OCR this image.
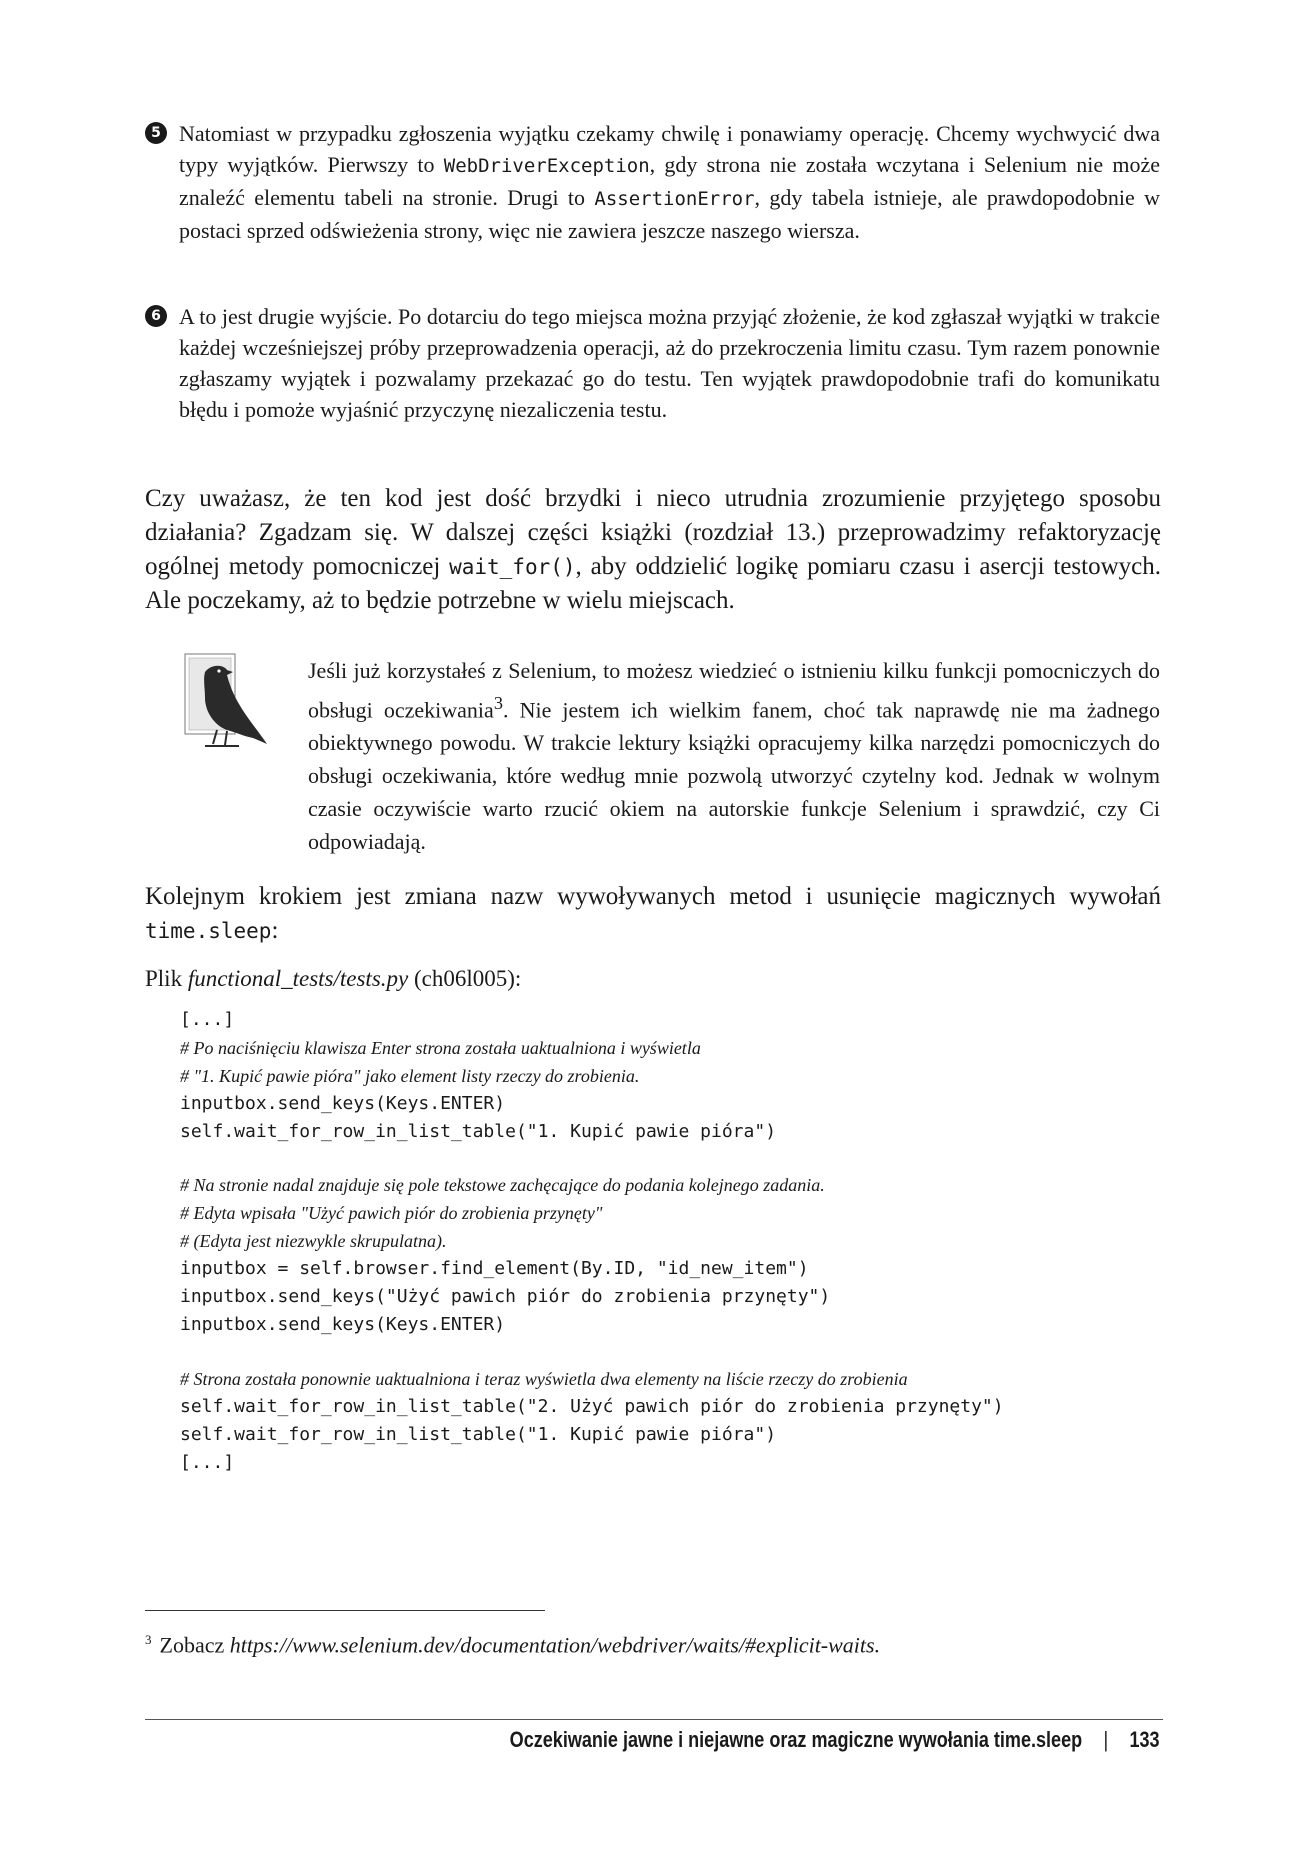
5 Natomiast w przypadku zgłoszenia wyjątku czekamy chwilę i ponawiamy operację. Chcemy wychwycić dwa typy wyjątków. Pierwszy to WebDriverException, gdy strona nie została wczytana i Selenium nie może znaleźć elementu tabeli na stronie. Drugi to AssertionError, gdy tabela istnieje, ale prawdopodobnie w postaci sprzed odświeżenia strony, więc nie zawiera jeszcze naszego wiersza.
6 A to jest drugie wyjście. Po dotarciu do tego miejsca można przyjąć złożenie, że kod zgłaszał wyjątki w trakcie każdej wcześniejszej próby przeprowadzenia operacji, aż do przekroczenia limitu czasu. Tym razem ponownie zgłaszamy wyjątek i pozwalamy przekazać go do testu. Ten wyjątek prawdopodobnie trafi do komunikatu błędu i pomoże wyjaśnić przyczynę niezaliczenia testu.

Czy uważasz, że ten kod jest dość brzydki i nieco utrudnia zrozumienie przyjętego sposobu działania? Zgadzam się. W dalszej części książki (rozdział 13.) przeprowadzimy refaktoryzację ogólnej metody pomocniczej wait_for(), aby oddzielić logikę pomiaru czasu i asercji testowych. Ale poczekamy, aż to będzie potrzebne w wielu miejscach.

Jeśli już korzystałeś z Selenium, to możesz wiedzieć o istnieniu kilku funkcji pomocniczych do obsługi oczekiwania$^3$. Nie jestem ich wielkim fanem, choć tak naprawdę nie ma żadnego obiektywnego powodu. W trakcie lektury książki opracujemy kilka narzędzi pomocniczych do obsługi oczekiwania, które według mnie pozwolą utworzyć czytelny kod. Jednak w wolnym czasie oczywiście warto rzucić okiem na autorskie funkcje Selenium i sprawdzić, czy Ci odpowiadają.

Kolejnym krokiem jest zmiana nazw wywoływanych metod i usunięcie magicznych wywołań time.sleep:

Plik functional_tests/tests.py (ch06l005):

[...]
# Po naciśnięciu klawisza Enter strona została uaktualniona i wyświetla
# "1. Kupić pawie pióra" jako element listy rzeczy do zrobienia.
inputbox.send_keys(Keys.ENTER)
self.wait_for_row_in_list_table("1. Kupić pawie pióra")
# Na stronie nadal znajduje się pole tekstowe zachęcające do podania kolejnego zadania.
# Edyta wpisała "Użyć pawich piór do zrobienia przynęty"
# (Edyta jest niezwykle skrupulatna).
inputbox = self.browser.find_element(By.ID, "id_new_item")
inputbox.send_keys("Użyć pawich piór do zrobienia przynęty")
inputbox.send_keys(Keys.ENTER)
# Strona została ponownie uaktualniona i teraz wyświetla dwa elementy na liście rzeczy do zrobienia
self.wait_for_row_in_list_table("2. Użyć pawich piór do zrobienia przynęty")
self.wait_for_row_in_list_table("1. Kupić pawie pióra")
[...]

$^3$ Zobacz https://www.selenium.dev/documentation/webdriver/waits/#explicit-waits.

Oczekiwanie jawne i niejawne oraz magiczne wywołania time.sleep | 133
